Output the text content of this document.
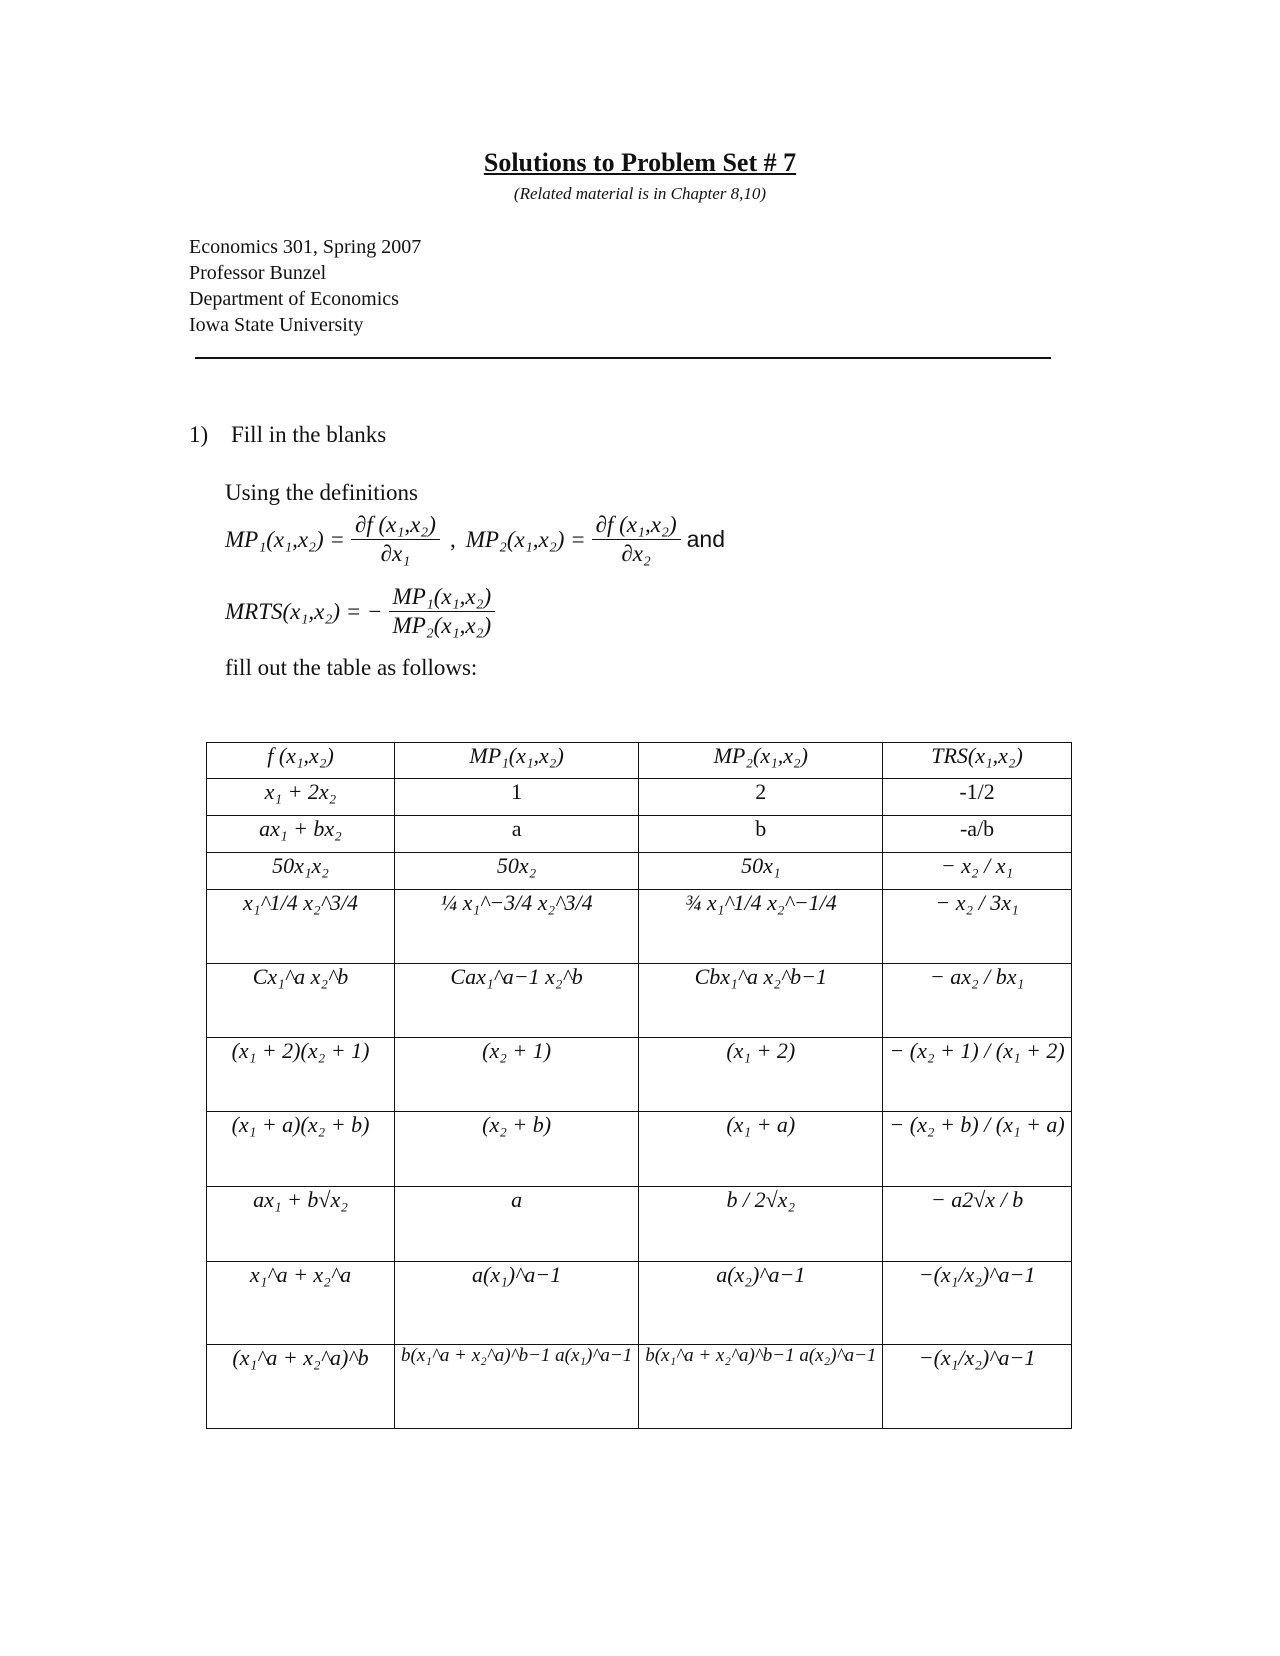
Solutions to Problem Set # 7
(Related material is in Chapter 8,10)
Economics 301, Spring 2007
Professor Bunzel
Department of Economics
Iowa State University
1) Fill in the blanks
Using the definitions
$MP_1(x_1,x_2) = \frac{\text{∂f (x₁,x₂)}}{\text{∂x₁}}$ , $MP_2(x_1,x_2) = \frac{\text{∂f (x₁,x₂)}}{\text{∂x₂}}$ and
MRTS(x₁,x₂) = − $\frac{\text{MP₁(x₁,x₂)}}{\text{MP₂(x₁,x₂)}}$
fill out the table as follows:
f (x₁,x₂)	MP₁(x₁,x₂)	MP₂(x₁,x₂)	TRS(x₁,x₂)
x₁ + 2x₂	1	2	-1/2
ax₁ + bx₂	a	b	-a/b
50x₁x₂	50x₂	50x₁	− x₂ / x₁
x₁^1/4 x₂^3/4	¼ x₁^−3/4 x₂^3/4	¾ x₁^1/4 x₂^−1/4	− x₂ / 3x₁
Cx₁^a x₂^b	Cax₁^a−1 x₂^b	Cbx₁^a x₂^b−1	− ax₂ / bx₁
(x₁ + 2)(x₂ + 1)	(x₂ + 1)	(x₁ + 2)	− (x₂ + 1) / (x₁ + 2)
(x₁ + a)(x₂ + b)	(x₂ + b)	(x₁ + a)	− (x₂ + b) / (x₁ + a)
ax₁ + b√x₂	a	b / 2√x₂	− a2√x / b
x₁^a + x₂^a	a(x₁)^a−1	a(x₂)^a−1	−(x₁/x₂)^a−1
(x₁^a + x₂^a)^b	b(x₁^a + x₂^a)^b−1 a(x₁)^a−1	b(x₁^a + x₂^a)^b−1 a(x₂)^a−1	−(x₁/x₂)^a−1
